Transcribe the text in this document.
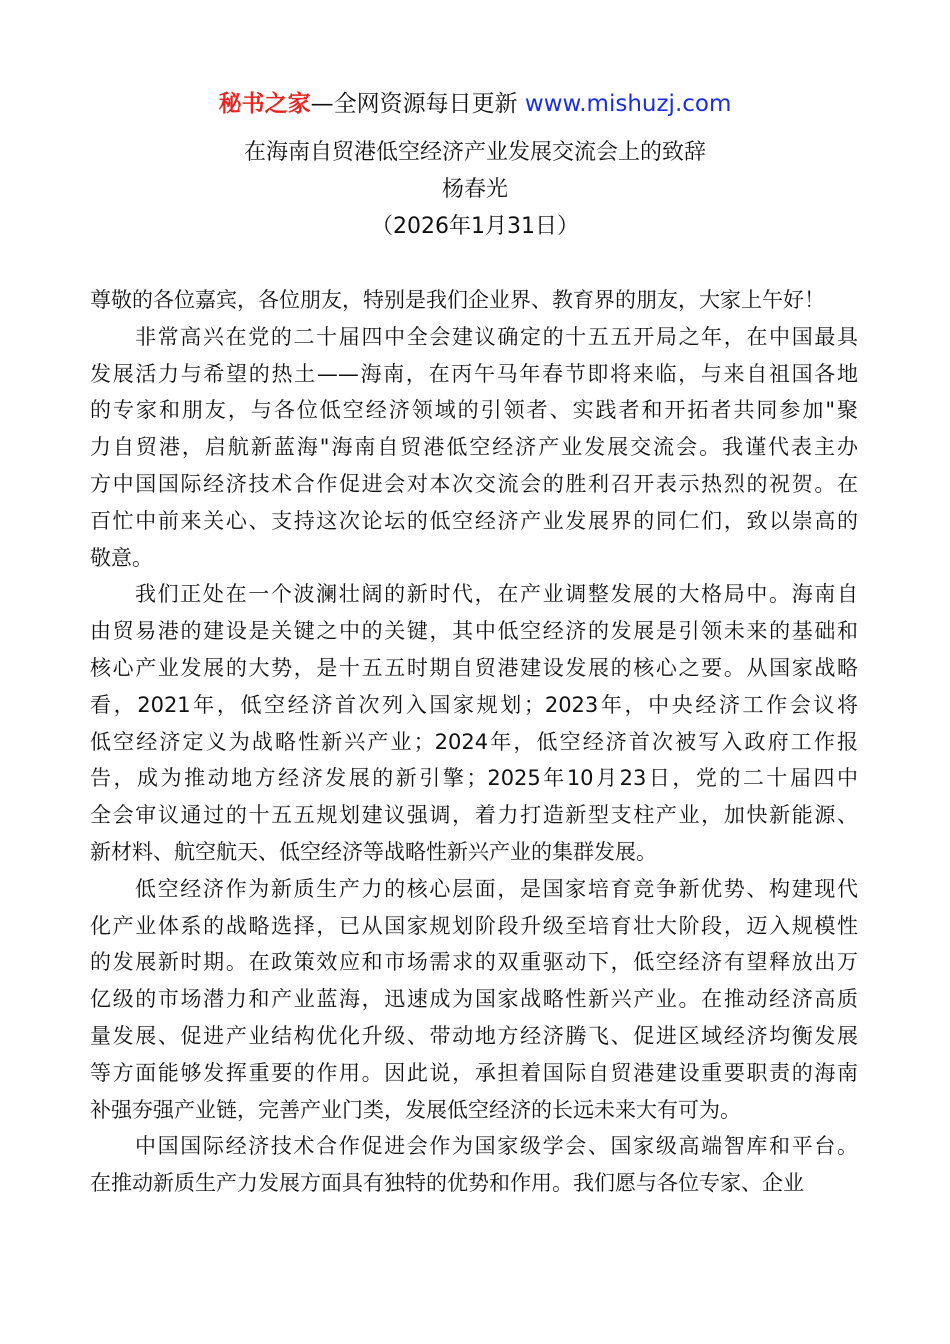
秘书之家—全网资源每日更新 www.mishuzj.com
在海南自贸港低空经济产业发展交流会上的致辞
杨春光
（2026年1月31日）
尊敬的各位嘉宾，各位朋友，特别是我们企业界、教育界的朋友，大家上午好！
非常高兴在党的二十届四中全会建议确定的十五五开局之年，在中国最具
发展活力与希望的热土——海南，在丙午马年春节即将来临，与来自祖国各地
的专家和朋友，与各位低空经济领域的引领者、实践者和开拓者共同参加"聚
力自贸港，启航新蓝海"海南自贸港低空经济产业发展交流会。我谨代表主办
方中国国际经济技术合作促进会对本次交流会的胜利召开表示热烈的祝贺。在
百忙中前来关心、支持这次论坛的低空经济产业发展界的同仁们，致以崇高的
敬意。
我们正处在一个波澜壮阔的新时代，在产业调整发展的大格局中。海南自
由贸易港的建设是关键之中的关键，其中低空经济的发展是引领未来的基础和
核心产业发展的大势，是十五五时期自贸港建设发展的核心之要。从国家战略
看，2021年，低空经济首次列入国家规划；2023年，中央经济工作会议将
低空经济定义为战略性新兴产业；2024年，低空经济首次被写入政府工作报
告，成为推动地方经济发展的新引擎；2025年10月23日，党的二十届四中
全会审议通过的十五五规划建议强调，着力打造新型支柱产业，加快新能源、
新材料、航空航天、低空经济等战略性新兴产业的集群发展。
低空经济作为新质生产力的核心层面，是国家培育竞争新优势、构建现代
化产业体系的战略选择，已从国家规划阶段升级至培育壮大阶段，迈入规模性
的发展新时期。在政策效应和市场需求的双重驱动下，低空经济有望释放出万
亿级的市场潜力和产业蓝海，迅速成为国家战略性新兴产业。在推动经济高质
量发展、促进产业结构优化升级、带动地方经济腾飞、促进区域经济均衡发展
等方面能够发挥重要的作用。因此说，承担着国际自贸港建设重要职责的海南
补强夯强产业链，完善产业门类，发展低空经济的长远未来大有可为。
中国国际经济技术合作促进会作为国家级学会、国家级高端智库和平台。
在推动新质生产力发展方面具有独特的优势和作用。我们愿与各位专家、企业
